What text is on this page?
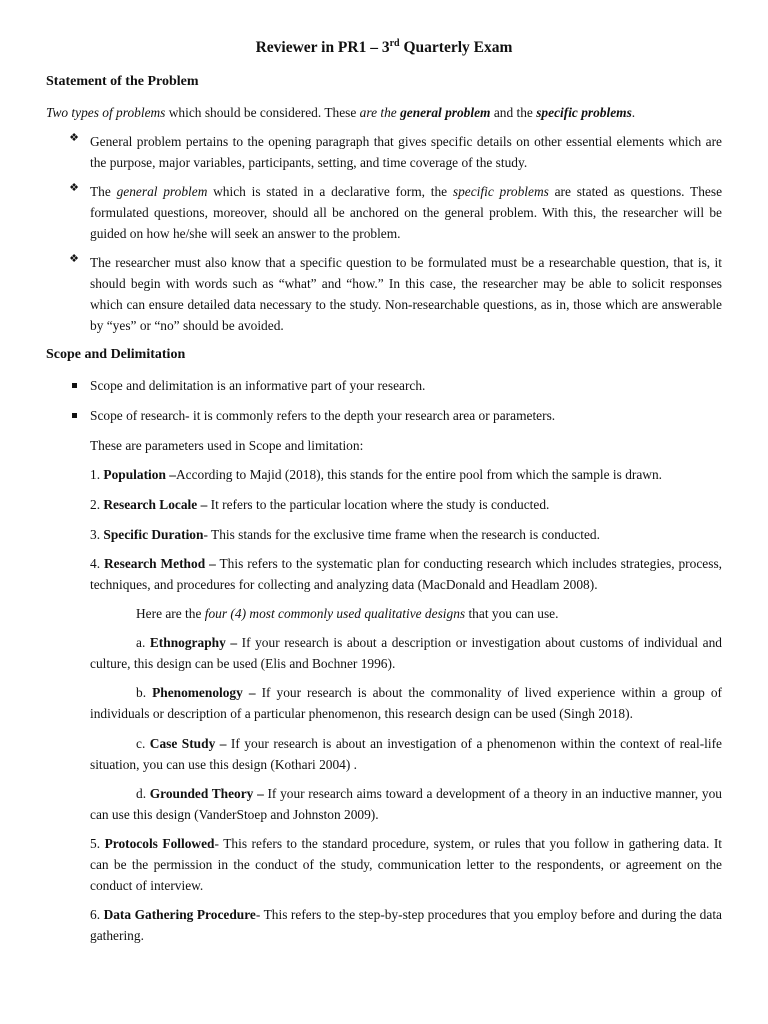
Reviewer in PR1 – 3rd Quarterly Exam
Statement of the Problem

Two types of problems which should be considered. These are the general problem and the specific problems.

❖ General problem pertains to the opening paragraph that gives specific details on other essential elements which are the purpose, major variables, participants, setting, and time coverage of the study.

❖ The general problem which is stated in a declarative form, the specific problems are stated as questions. These formulated questions, moreover, should all be anchored on the general problem. With this, the researcher will be guided on how he/she will seek an answer to the problem.

❖ The researcher must also know that a specific question to be formulated must be a researchable question, that is, it should begin with words such as “what” and “how.” In this case, the researcher may be able to solicit responses which can ensure detailed data necessary to the study. Non-researchable questions, as in, those which are answerable by “yes” or “no” should be avoided.

Scope and Delimitation

Scope and delimitation is an informative part of your research.

Scope of research- it is commonly refers to the depth your research area or parameters.

These are parameters used in Scope and limitation:

1. Population –According to Majid (2018), this stands for the entire pool from which the sample is drawn.

2. Research Locale – It refers to the particular location where the study is conducted.

3. Specific Duration- This stands for the exclusive time frame when the research is conducted.

4. Research Method – This refers to the systematic plan for conducting research which includes strategies, process, techniques, and procedures for collecting and analyzing data (MacDonald and Headlam 2008).

Here are the four (4) most commonly used qualitative designs that you can use.

a. Ethnography – If your research is about a description or investigation about customs of individual and culture, this design can be used (Elis and Bochner 1996).

b. Phenomenology – If your research is about the commonality of lived experience within a group of individuals or description of a particular phenomenon, this research design can be used (Singh 2018).

c. Case Study – If your research is about an investigation of a phenomenon within the context of real-life situation, you can use this design (Kothari 2004) .

d. Grounded Theory – If your research aims toward a development of a theory in an inductive manner, you can use this design (VanderStoep and Johnston 2009).

5. Protocols Followed- This refers to the standard procedure, system, or rules that you follow in gathering data. It can be the permission in the conduct of the study, communication letter to the respondents, or agreement on the conduct of interview.

6. Data Gathering Procedure- This refers to the step-by-step procedures that you employ before and during the data gathering.
